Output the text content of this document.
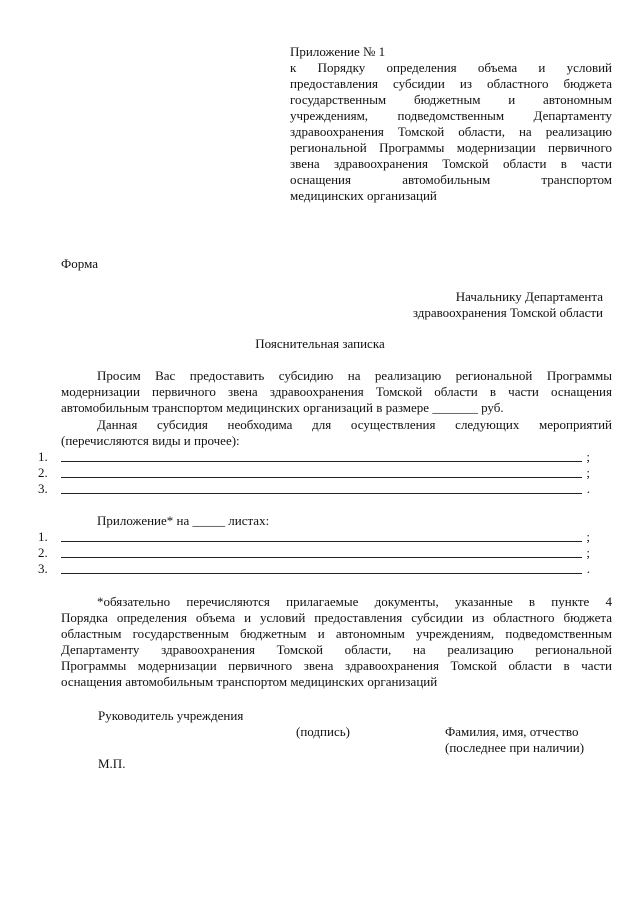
Приложение № 1
к Порядку определения объема и условий
предоставления субсидии из областного бюджета
государственным бюджетным и автономным
учреждениям, подведомственным Департаменту
здравоохранения Томской области, на реализацию
региональной Программы модернизации первичного
звена здравоохранения Томской области в части
оснащения автомобильным транспортом
медицинских организаций
Форма
Начальнику Департамента
здравоохранения Томской области
Пояснительная записка
Просим Вас предоставить субсидию на реализацию региональной Программы
модернизации первичного звена здравоохранения Томской области в части оснащения
автомобильным транспортом медицинских организаций в размере _______ руб.
Данная субсидия необходима для осуществления следующих мероприятий
(перечисляются виды и прочее):
1.	;
2.	;
3.	.
Приложение* на _____ листах:
1.	;
2.	;
3.	.
*обязательно перечисляются прилагаемые документы, указанные в пункте 4
Порядка определения объема и условий предоставления субсидии из областного бюджета
областным государственным бюджетным и автономным учреждениям, подведомственным
Департаменту здравоохранения Томской области, на реализацию региональной
Программы модернизации первичного звена здравоохранения Томской области в части
оснащения автомобильным транспортом медицинских организаций
Руководитель учреждения
(подпись)	Фамилия, имя, отчество
(последнее при наличии)
М.П.
